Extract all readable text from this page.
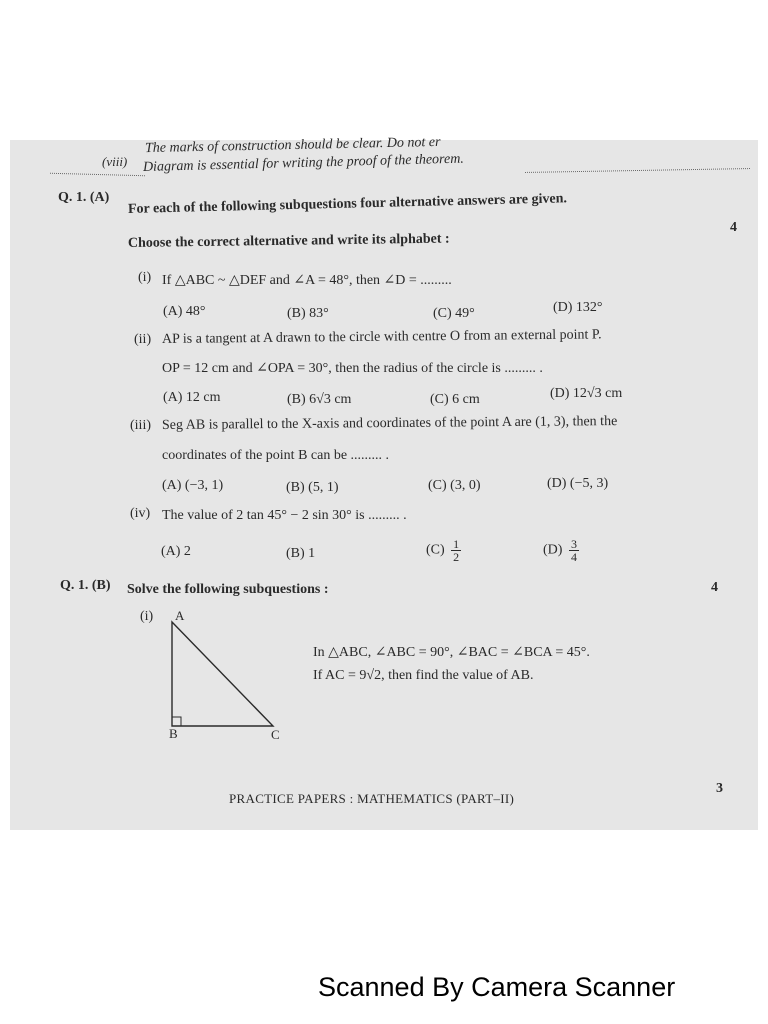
The marks of construction should be clear. Do not er
(viii) Diagram is essential for writing the proof of the theorem.
Q. 1. (A) For each of the following subquestions four alternative answers are given.
Choose the correct alternative and write its alphabet :
4
(i) If △ABC ~ △DEF and ∠A = 48°, then ∠D = .........
(A) 48°	(B) 83°	(C) 49°	(D) 132°
(ii) AP is a tangent at A drawn to the circle with centre O from an external point P.
OP = 12 cm and ∠OPA = 30°, then the radius of the circle is ......... .
(A) 12 cm	(B) 6√3 cm	(C) 6 cm	(D) 12√3 cm
(iii) Seg AB is parallel to the X-axis and coordinates of the point A are (1, 3), then the
coordinates of the point B can be ......... .
(A) (−3, 1)	(B) (5, 1)	(C) (3, 0)	(D) (−5, 3)
(iv) The value of 2 tan 45° − 2 sin 30° is ......... .
(A) 2	(B) 1	$(C) \frac{1}{2}$	$(D) \frac{3}{4}$
Q. 1. (B) Solve the following subquestions :	4
(i) A
B	C
In △ABC, ∠ABC = 90°, ∠BAC = ∠BCA = 45°.
If AC = 9√2, then find the value of AB.
PRACTICE PAPERS : MATHEMATICS (PART–II)
3
Scanned By Camera Scanner
